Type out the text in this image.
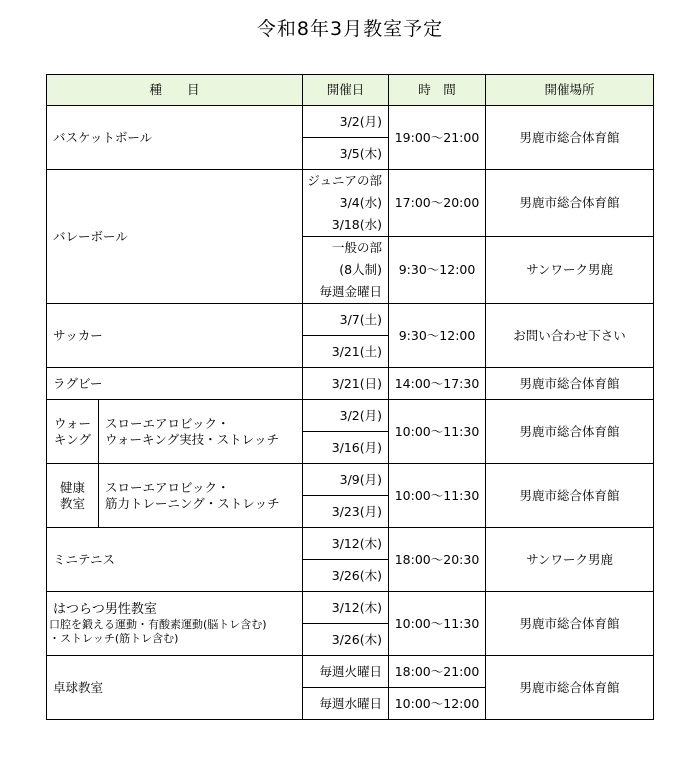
令和8年3月教室予定
種　　目		開催日	時　間	開催場所
バスケットボール		3/2(月)	19:00～21:00	男鹿市総合体育館
		3/5(木)		
バレーボール		ジュニアの部
3/4(水)
3/18(水)	17:00～20:00	男鹿市総合体育館

		一般の部
(8人制)
毎週金曜日	9:30～12:00	サンワーク男鹿
サッカー		3/7(土)	9:30～12:00	お問い合わせ下さい
		3/21(土)		
ラグビー		3/21(日)	14:00～17:30	男鹿市総合体育館

ウォー
キング	スローエアロビック・
ウォーキング実技・ストレッチ	3/2(月)	10:00～11:30	男鹿市総合体育館
		3/16(月)		

健康
教室	スローエアロビック・
筋力トレーニング・ストレッチ	3/9(月)	10:00～11:30	男鹿市総合体育館
		3/23(月)		
ミニテニス		3/12(木)	18:00～20:30	サンワーク男鹿
		3/26(木)		

はつらつ男性教室
口腔を鍛える運動・有酸素運動(脳トレ含む)
・ストレッチ(筋トレ含む)		3/12(木)	10:00～11:30	男鹿市総合体育館
		3/26(木)		
卓球教室		毎週火曜日	18:00～21:00	男鹿市総合体育館
		毎週水曜日	10:00～12:00	
